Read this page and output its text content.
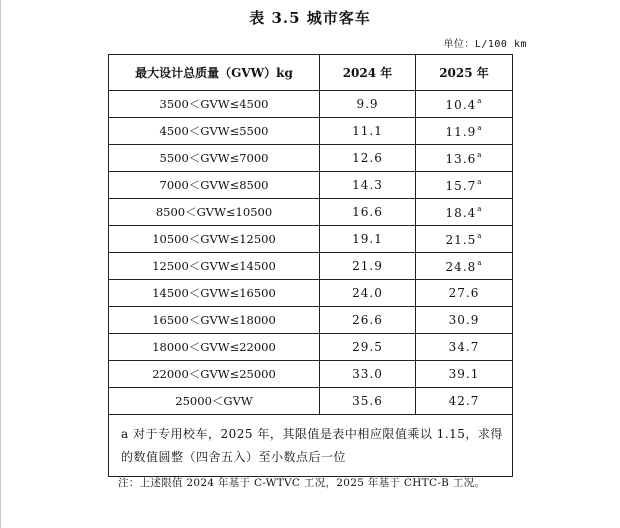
表 3.5 城市客车
单位：L/100 km
最大设计总质量（GVW）kg	2024 年	2025 年
3500＜GVW≤4500	9.9	10.4$^a$
4500＜GVW≤5500	11.1	11.9$^a$
5500＜GVW≤7000	12.6	13.6$^a$
7000＜GVW≤8500	14.3	15.7$^a$
8500＜GVW≤10500	16.6	18.4$^a$
10500＜GVW≤12500	19.1	21.5$^a$
12500＜GVW≤14500	21.9	24.8$^a$
14500＜GVW≤16500	24.0	27.6
16500＜GVW≤18000	26.6	30.9
18000＜GVW≤22000	29.5	34.7
22000＜GVW≤25000	33.0	39.1
25000＜GVW	35.6	42.7
a 对于专用校车，2025 年，其限值是表中相应限值乘以 1.15，求得的数值圆整（四舍五入）至小数点后一位		
注：上述限值 2024 年基于 C-WTVC 工况，2025 年基于 CHTC-B 工况。
